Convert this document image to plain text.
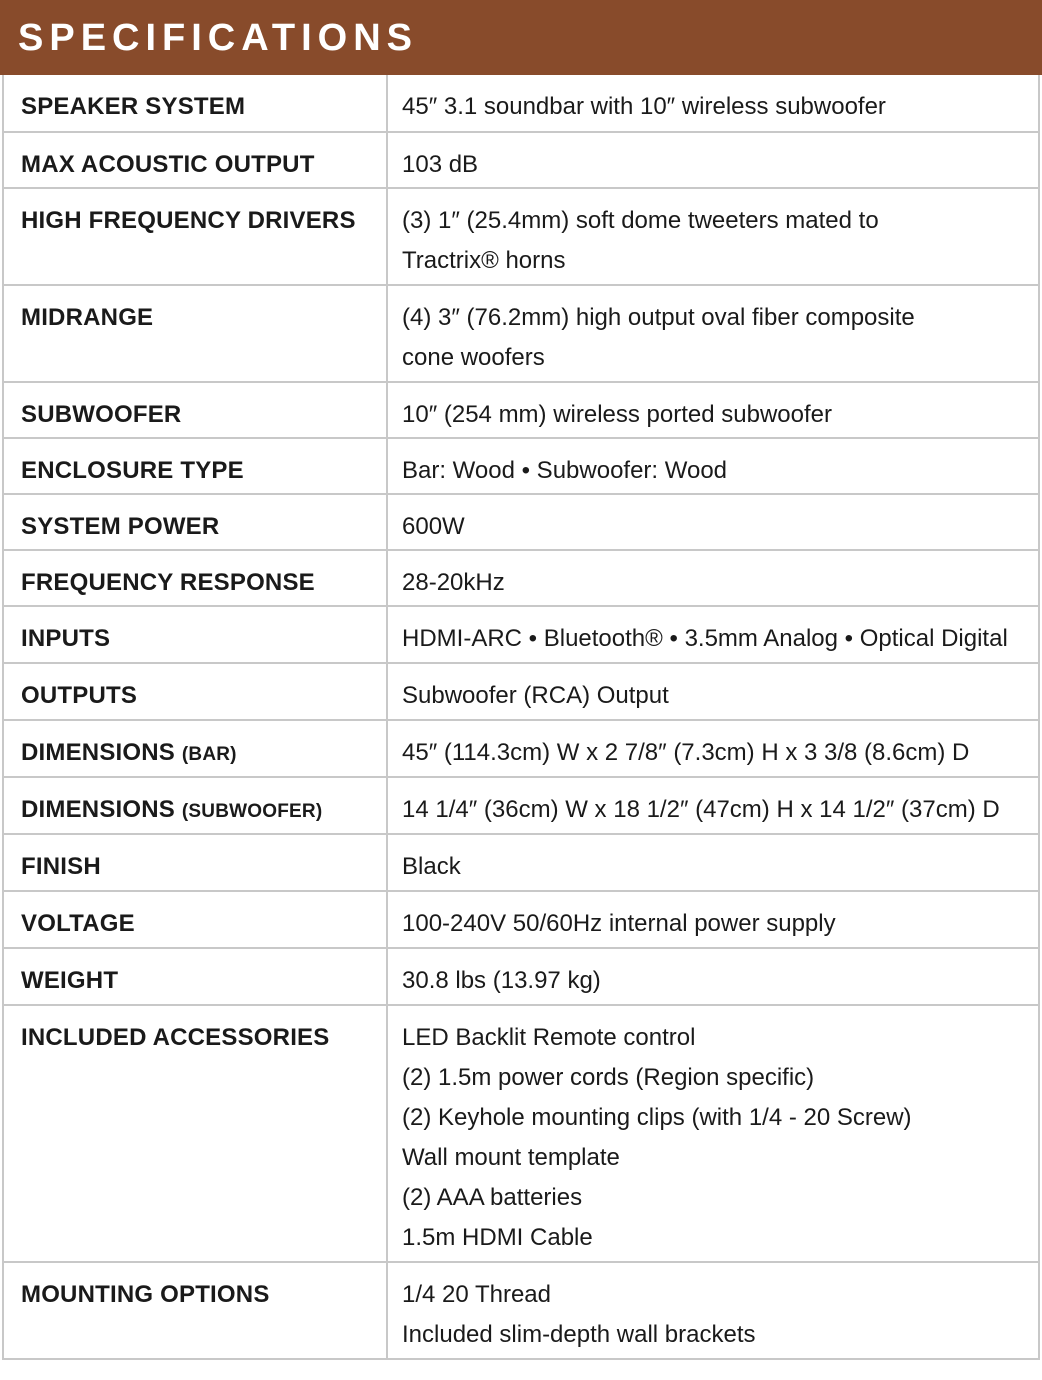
SPECIFICATIONS
SPEAKER SYSTEM	45″ 3.1 soundbar with 10″ wireless subwoofer
MAX ACOUSTIC OUTPUT	103 dB
HIGH FREQUENCY DRIVERS	(3) 1″ (25.4mm) soft dome tweeters mated to
Tractrix® horns
MIDRANGE	(4) 3″ (76.2mm) high output oval fiber composite
cone woofers
SUBWOOFER	10″ (254 mm) wireless ported subwoofer
ENCLOSURE TYPE	Bar: Wood • Subwoofer: Wood
SYSTEM POWER	600W
FREQUENCY RESPONSE	28-20kHz
INPUTS	HDMI-ARC • Bluetooth® • 3.5mm Analog • Optical Digital
OUTPUTS	Subwoofer (RCA) Output
DIMENSIONS (BAR)	45″ (114.3cm) W x 2 7/8″ (7.3cm) H x 3 3/8 (8.6cm) D
DIMENSIONS (SUBWOOFER)	14 1/4″ (36cm) W x 18 1/2″ (47cm) H x 14 1/2″ (37cm) D
FINISH	Black
VOLTAGE	100-240V 50/60Hz internal power supply
WEIGHT	30.8 lbs (13.97 kg)
INCLUDED ACCESSORIES	LED Backlit Remote control
(2) 1.5m power cords (Region specific)
(2) Keyhole mounting clips (with 1/4 - 20 Screw)
Wall mount template
(2) AAA batteries
1.5m HDMI Cable
MOUNTING OPTIONS	1/4 20 Thread
Included slim-depth wall brackets
